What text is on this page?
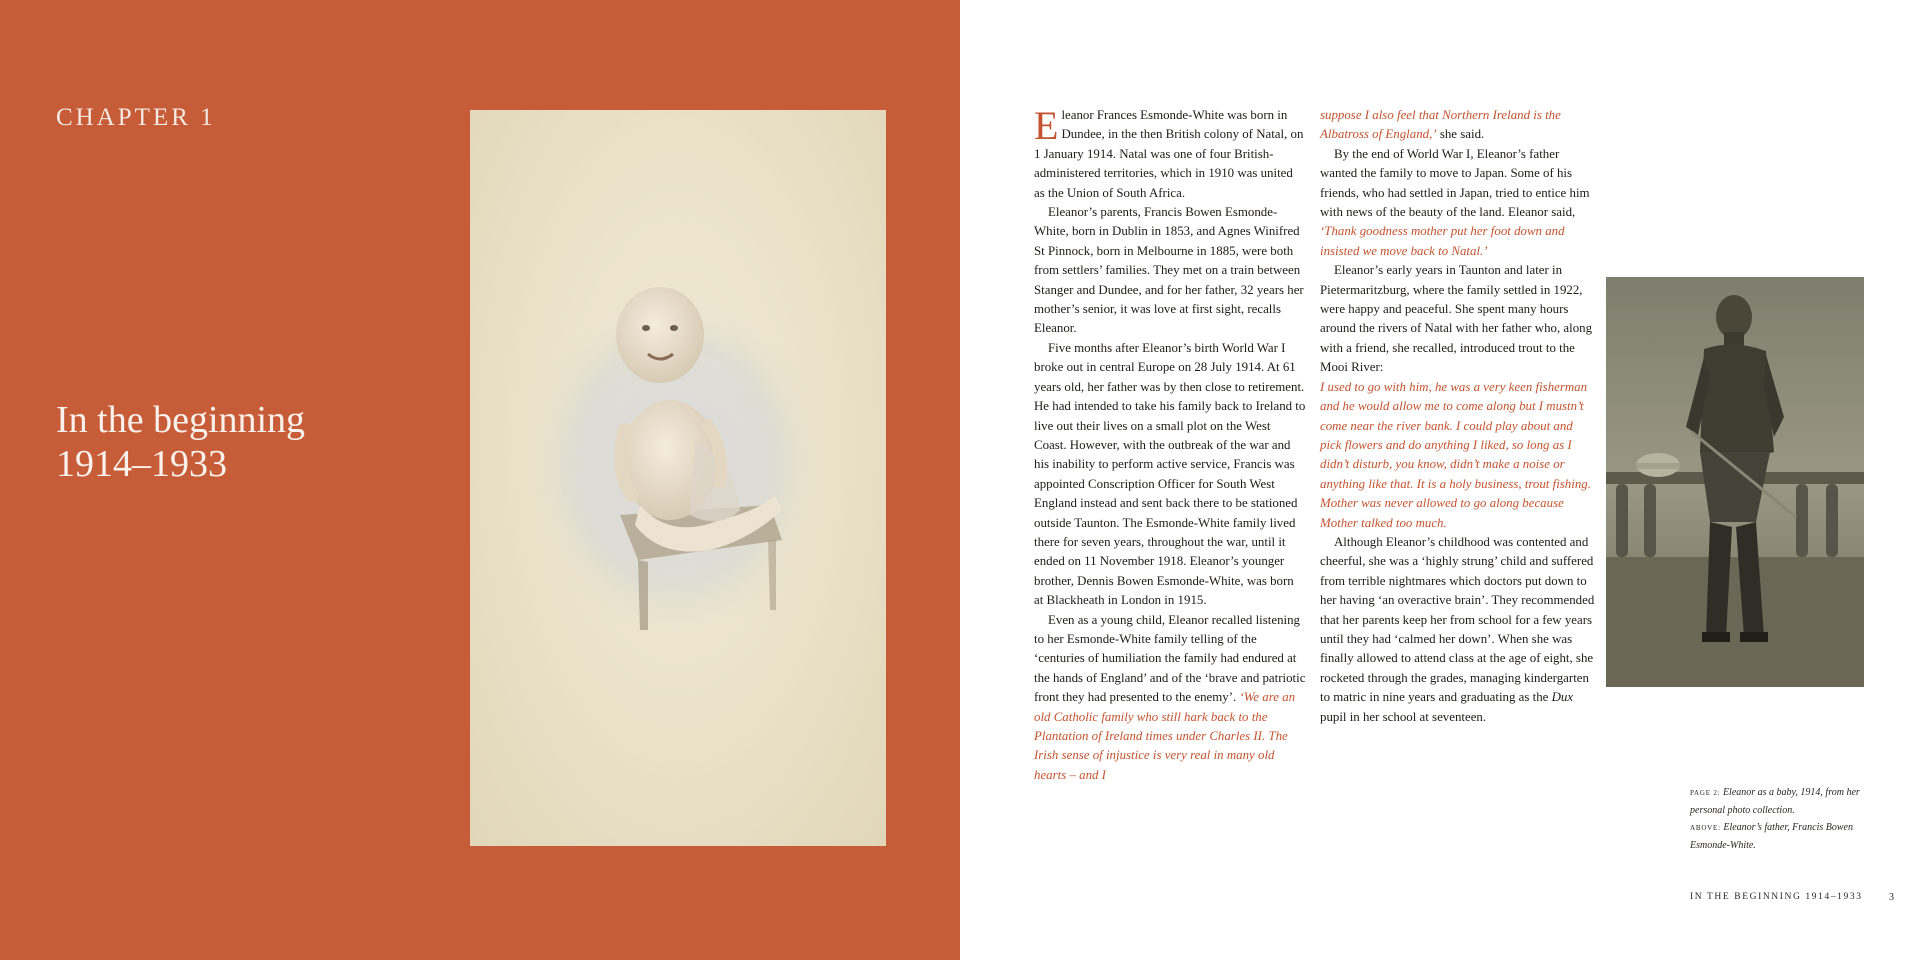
CHAPTER 1
In the beginning
1914–1933

Eleanor Frances Esmonde-White was born in Dundee, in the then British colony of Natal, on 1 January 1914. Natal was one of four British-administered territories, which in 1910 was united as the Union of South Africa.

Eleanor’s parents, Francis Bowen Esmonde-White, born in Dublin in 1853, and Agnes Winifred St Pinnock, born in Melbourne in 1885, were both from settlers’ families. They met on a train between Stanger and Dundee, and for her father, 32 years her mother’s senior, it was love at first sight, recalls Eleanor.

Five months after Eleanor’s birth World War I broke out in central Europe on 28 July 1914. At 61 years old, her father was by then close to retirement. He had intended to take his family back to Ireland to live out their lives on a small plot on the West Coast. However, with the outbreak of the war and his inability to perform active service, Francis was appointed Conscription Officer for South West England instead and sent back there to be stationed outside Taunton. The Esmonde-White family lived there for seven years, throughout the war, until it ended on 11 November 1918. Eleanor’s younger brother, Dennis Bowen Esmonde-White, was born at Blackheath in London in 1915.

Even as a young child, Eleanor recalled listening to her Esmonde-White family telling of the ‘centuries of humiliation the family had endured at the hands of England’ and of the ‘brave and patriotic front they had presented to the enemy’. ‘We are an old Catholic family who still hark back to the Plantation of Ireland times under Charles II. The Irish sense of injustice is very real in many old hearts – and I

suppose I also feel that Northern Ireland is the Albatross of England,’ she said.

By the end of World War I, Eleanor’s father wanted the family to move to Japan. Some of his friends, who had settled in Japan, tried to entice him with news of the beauty of the land. Eleanor said, ‘Thank goodness mother put her foot down and insisted we move back to Natal.’

Eleanor’s early years in Taunton and later in Pietermaritzburg, where the family settled in 1922, were happy and peaceful. She spent many hours around the rivers of Natal with her father who, along with a friend, she recalled, introduced trout to the Mooi River:

I used to go with him, he was a very keen fisherman and he would allow me to come along but I mustn’t come near the river bank. I could play about and pick flowers and do anything I liked, so long as I didn’t disturb, you know, didn’t make a noise or anything like that. It is a holy business, trout fishing. Mother was never allowed to go along because Mother talked too much.

Although Eleanor’s childhood was contented and cheerful, she was a ‘highly strung’ child and suffered from terrible nightmares which doctors put down to her having ‘an overactive brain’. They recommended that her parents keep her from school for a few years until they had ‘calmed her down’. When she was finally allowed to attend class at the age of eight, she rocketed through the grades, managing kindergarten to matric in nine years and graduating as the Dux pupil in her school at seventeen.

PAGE 2: Eleanor as a baby, 1914, from her personal photo collection.
ABOVE: Eleanor’s father, Francis Bowen Esmonde-White.
IN THE BEGINNING 1914–1933	3
